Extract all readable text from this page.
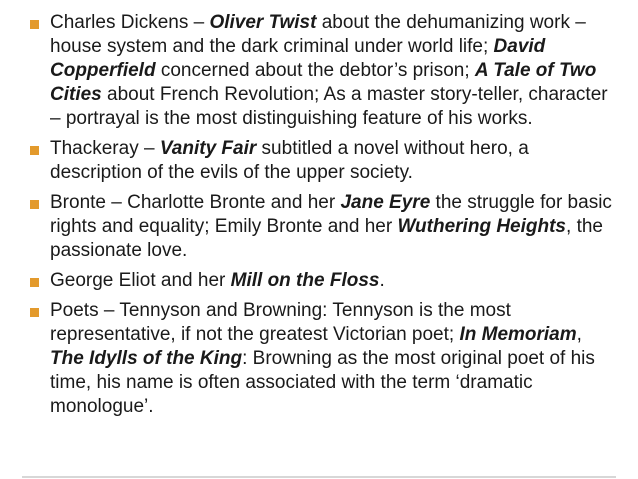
Charles Dickens – Oliver Twist about the dehumanizing work – house system and the dark criminal under world life; David Copperfield concerned about the debtor’s prison; A Tale of Two Cities about French Revolution; As a master story-teller, character – portrayal is the most distinguishing feature of his works.
Thackeray – Vanity Fair subtitled a novel without hero, a description of the evils of the upper society.
Bronte – Charlotte Bronte and her Jane Eyre the struggle for basic rights and equality; Emily Bronte and her Wuthering Heights, the passionate love.
George Eliot and her Mill on the Floss.
Poets – Tennyson and Browning: Tennyson is the most representative, if not the greatest Victorian poet; In Memoriam, The Idylls of the King: Browning as the most original poet of his time, his name is often associated with the term ‘dramatic monologue’.
